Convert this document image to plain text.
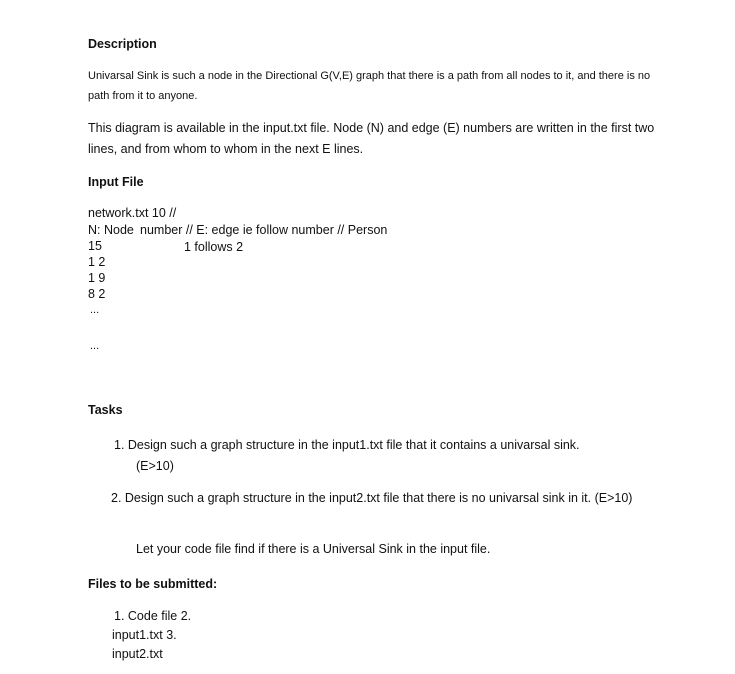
Description

Univarsal Sink is such a node in the Directional G(V,E) graph that there is a path from all nodes to it, and there is no

path from it to anyone.

This diagram is available in the input.txt file. Node (N) and edge (E) numbers are written in the first two

lines, and from whom to whom in the next E lines.

Input File

network.txt 10 //

N: Node number // E: edge ie follow number // Person

15	1 follows 2

1 2

1 9

8 2

...

...

Tasks

1. Design such a graph structure in the input1.txt file that it contains a univarsal sink.

(E>10)

2. Design such a graph structure in the input2.txt file that there is no univarsal sink in it. (E>10)

Let your code file find if there is a Universal Sink in the input file.

Files to be submitted:

1. Code file 2.

input1.txt 3.

input2.txt
